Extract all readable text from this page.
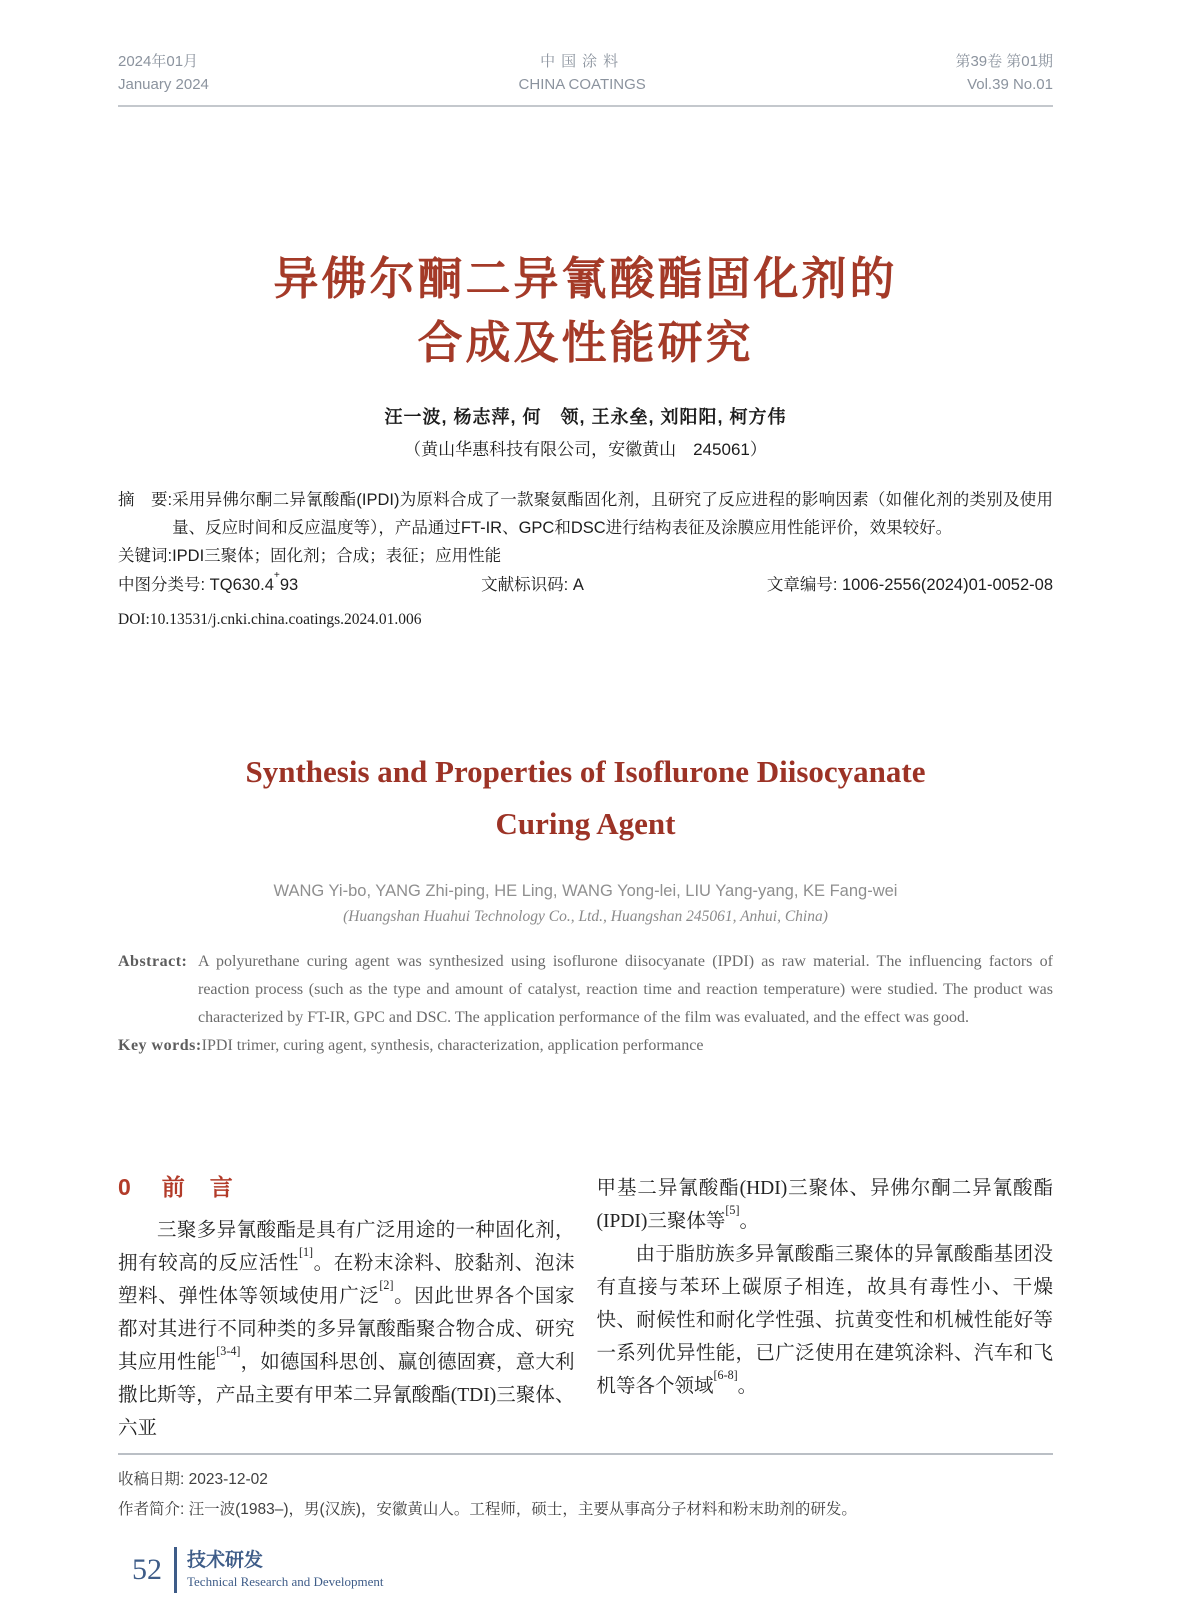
2024年01月
January 2024
中国涂料
CHINA COATINGS
第39卷 第01期
Vol.39 No.01
异佛尔酮二异氰酸酯固化剂的
合成及性能研究
汪一波, 杨志萍, 何　领, 王永垒, 刘阳阳, 柯方伟
（黄山华惠科技有限公司，安徽黄山　245061）
摘　要: 采用异佛尔酮二异氰酸酯(IPDI)为原料合成了一款聚氨酯固化剂，且研究了反应进程的影响因素（如催化剂的类别及使用量、反应时间和反应温度等），产品通过FT-IR、GPC和DSC进行结构表征及涂膜应用性能评价，效果较好。
关键词: IPDI三聚体；固化剂；合成；表征；应用性能
中图分类号: TQ630.4+93	文献标识码: A	文章编号: 1006-2556(2024)01-0052-08
DOI:10.13531/j.cnki.china.coatings.2024.01.006
Synthesis and Properties of Isoflurone Diisocyanate
Curing Agent
WANG Yi-bo, YANG Zhi-ping, HE Ling, WANG Yong-lei, LIU Yang-yang, KE Fang-wei
(Huangshan Huahui Technology Co., Ltd., Huangshan 245061, Anhui, China)
Abstract: A polyurethane curing agent was synthesized using isoflurone diisocyanate (IPDI) as raw material. The influencing factors of reaction process (such as the type and amount of catalyst, reaction time and reaction temperature) were studied. The product was characterized by FT-IR, GPC and DSC. The application performance of the film was evaluated, and the effect was good.
Key words: IPDI trimer, curing agent, synthesis, characterization, application performance
0 前　言

三聚多异氰酸酯是具有广泛用途的一种固化剂，拥有较高的反应活性[1]。在粉末涂料、胶黏剂、泡沫塑料、弹性体等领域使用广泛[2]。因此世界各个国家都对其进行不同种类的多异氰酸酯聚合物合成、研究其应用性能[3-4]，如德国科思创、赢创德固赛，意大利撒比斯等，产品主要有甲苯二异氰酸酯(TDI)三聚体、六亚

甲基二异氰酸酯(HDI)三聚体、异佛尔酮二异氰酸酯(IPDI)三聚体等[5]。

由于脂肪族多异氰酸酯三聚体的异氰酸酯基团没有直接与苯环上碳原子相连，故具有毒性小、干燥快、耐候性和耐化学性强、抗黄变性和机械性能好等一系列优异性能，已广泛使用在建筑涂料、汽车和飞机等各个领域[6-8]。

收稿日期: 2023-12-02
作者简介: 汪一波(1983–)，男(汉族)，安徽黄山人。工程师，硕士，主要从事高分子材料和粉末助剂的研发。
52 技术研发
Technical Research and Development
